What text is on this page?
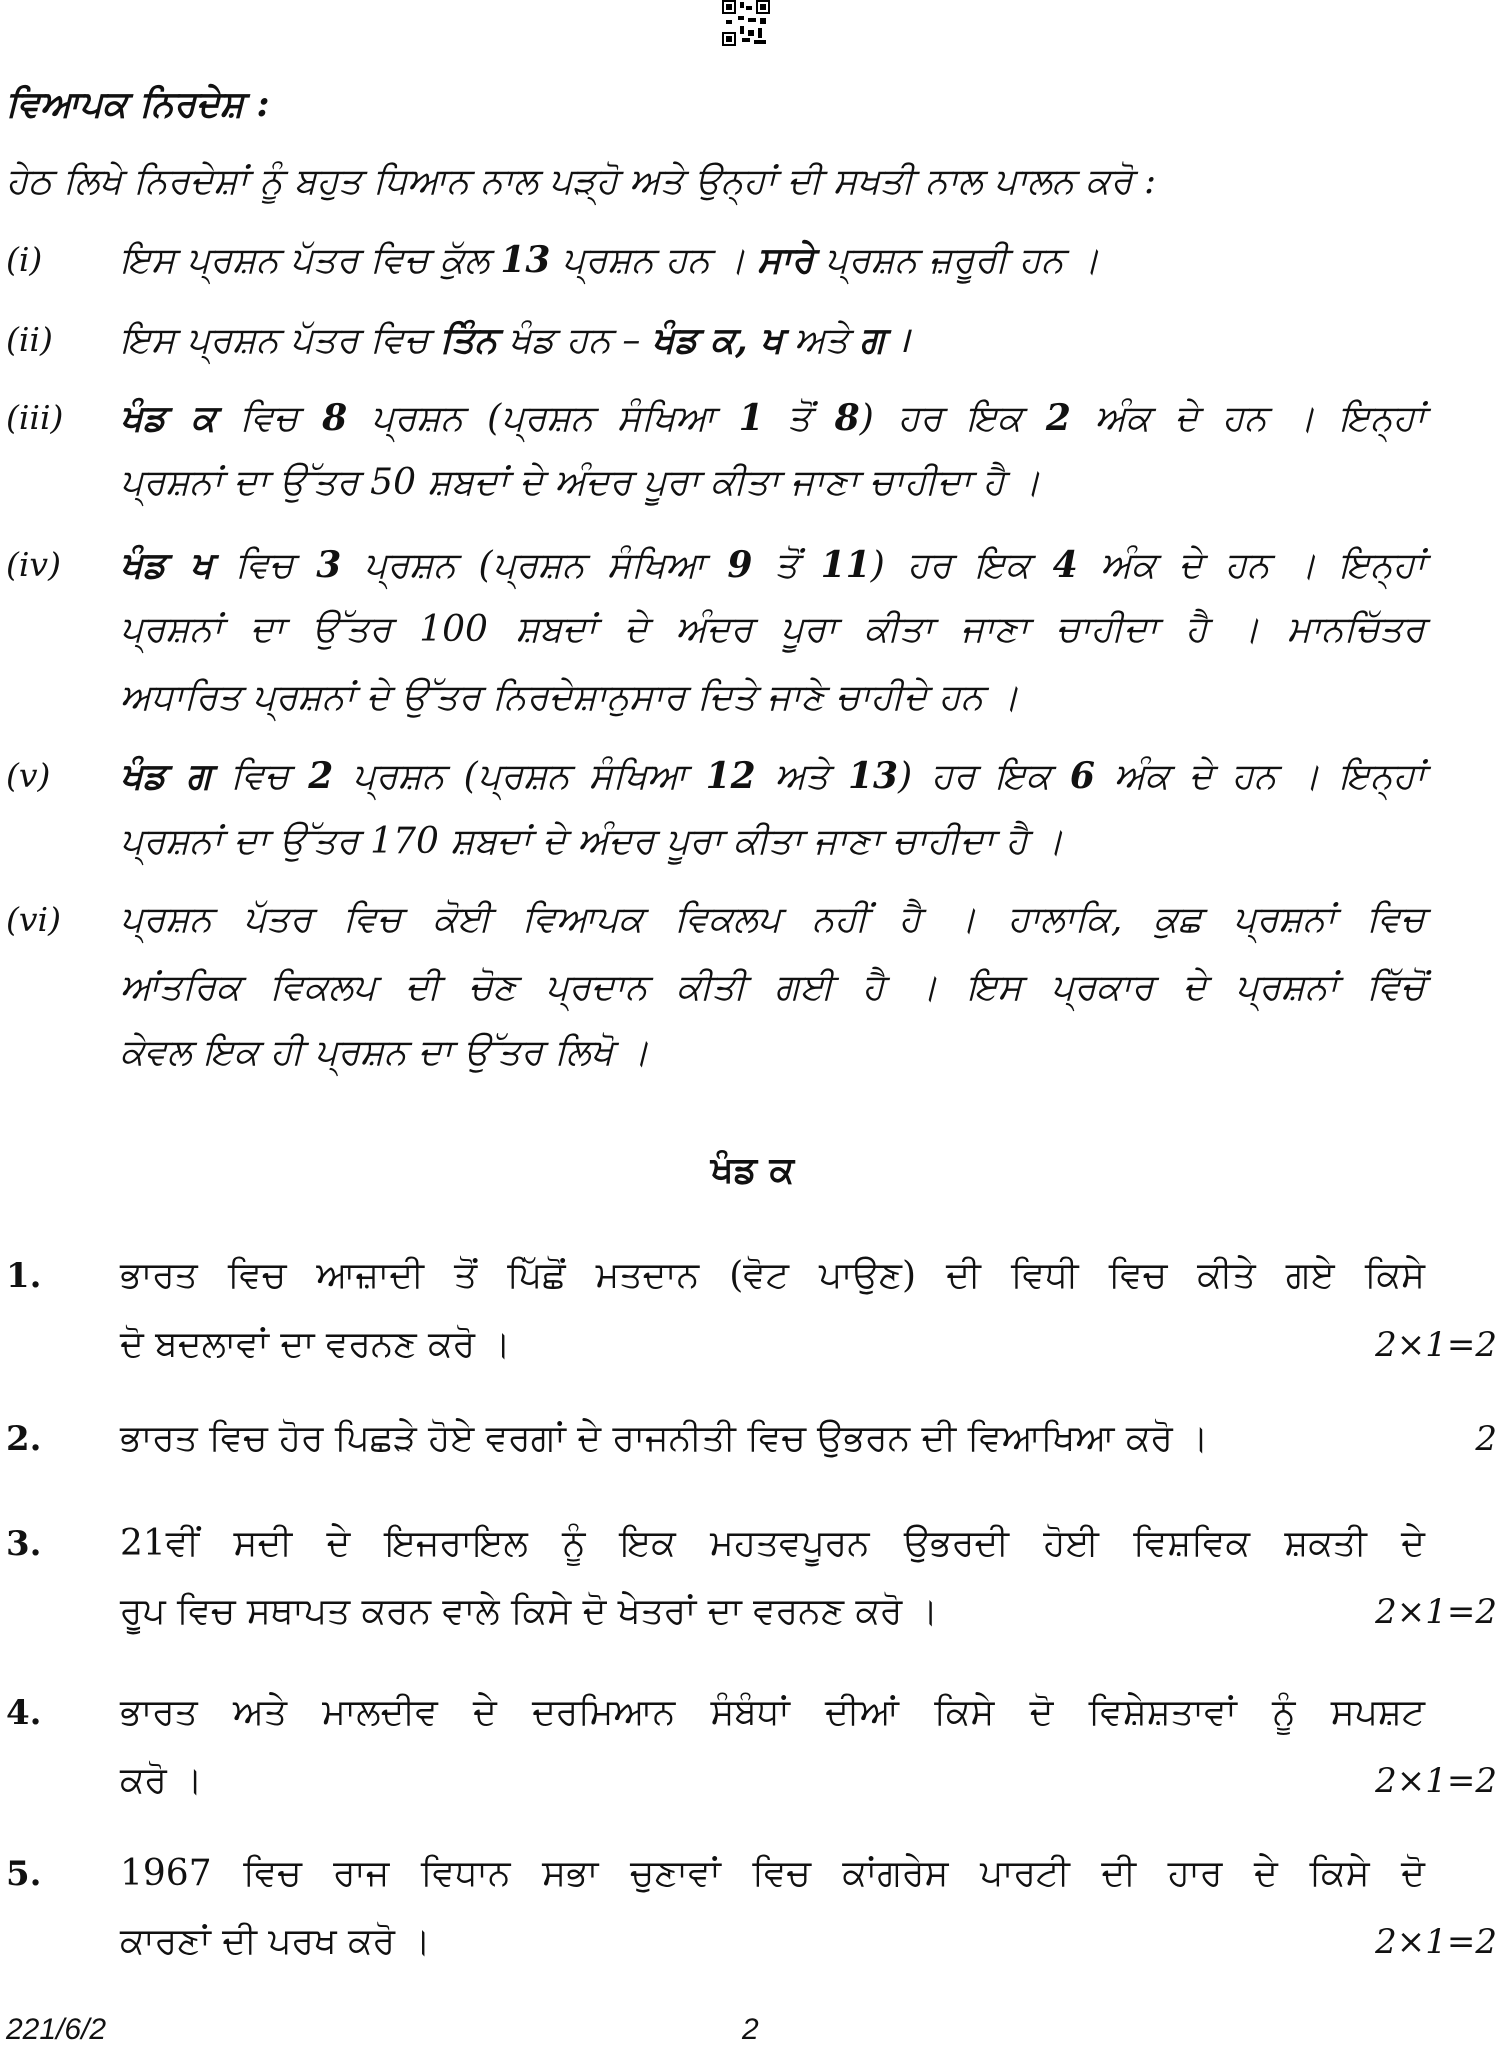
ਵਿਆਪਕ ਨਿਰਦੇਸ਼ :
ਹੇਠ ਲਿਖੇ ਨਿਰਦੇਸ਼ਾਂ ਨੂੰ ਬਹੁਤ ਧਿਆਨ ਨਾਲ ਪੜ੍ਹੋ ਅਤੇ ਉਨ੍ਹਾਂ ਦੀ ਸਖਤੀ ਨਾਲ ਪਾਲਨ ਕਰੋ :
(i) ਇਸ ਪ੍ਰਸ਼ਨ ਪੱਤਰ ਵਿਚ ਕੁੱਲ 13 ਪ੍ਰਸ਼ਨ ਹਨ । ਸਾਰੇ ਪ੍ਰਸ਼ਨ ਜ਼ਰੂਰੀ ਹਨ ।
(ii) ਇਸ ਪ੍ਰਸ਼ਨ ਪੱਤਰ ਵਿਚ ਤਿੰਨ ਖੰਡ ਹਨ – ਖੰਡ ਕ, ਖ ਅਤੇ ਗ ।
(iii) ਖੰਡ ਕ ਵਿਚ 8 ਪ੍ਰਸ਼ਨ (ਪ੍ਰਸ਼ਨ ਸੰਖਿਆ 1 ਤੋਂ 8) ਹਰ ਇਕ 2 ਅੰਕ ਦੇ ਹਨ । ਇਨ੍ਹਾਂ
ਪ੍ਰਸ਼ਨਾਂ ਦਾ ਉੱਤਰ 50 ਸ਼ਬਦਾਂ ਦੇ ਅੰਦਰ ਪੂਰਾ ਕੀਤਾ ਜਾਣਾ ਚਾਹੀਦਾ ਹੈ ।
(iv) ਖੰਡ ਖ ਵਿਚ 3 ਪ੍ਰਸ਼ਨ (ਪ੍ਰਸ਼ਨ ਸੰਖਿਆ 9 ਤੋਂ 11) ਹਰ ਇਕ 4 ਅੰਕ ਦੇ ਹਨ । ਇਨ੍ਹਾਂ
ਪ੍ਰਸ਼ਨਾਂ ਦਾ ਉੱਤਰ 100 ਸ਼ਬਦਾਂ ਦੇ ਅੰਦਰ ਪੂਰਾ ਕੀਤਾ ਜਾਣਾ ਚਾਹੀਦਾ ਹੈ । ਮਾਨਚਿੱਤਰ
ਅਧਾਰਿਤ ਪ੍ਰਸ਼ਨਾਂ ਦੇ ਉੱਤਰ ਨਿਰਦੇਸ਼ਾਨੁਸਾਰ ਦਿਤੇ ਜਾਣੇ ਚਾਹੀਦੇ ਹਨ ।
(v) ਖੰਡ ਗ ਵਿਚ 2 ਪ੍ਰਸ਼ਨ (ਪ੍ਰਸ਼ਨ ਸੰਖਿਆ 12 ਅਤੇ 13) ਹਰ ਇਕ 6 ਅੰਕ ਦੇ ਹਨ । ਇਨ੍ਹਾਂ
ਪ੍ਰਸ਼ਨਾਂ ਦਾ ਉੱਤਰ 170 ਸ਼ਬਦਾਂ ਦੇ ਅੰਦਰ ਪੂਰਾ ਕੀਤਾ ਜਾਣਾ ਚਾਹੀਦਾ ਹੈ ।
(vi) ਪ੍ਰਸ਼ਨ ਪੱਤਰ ਵਿਚ ਕੋਈ ਵਿਆਪਕ ਵਿਕਲਪ ਨਹੀਂ ਹੈ । ਹਾਲਾਕਿ, ਕੁਛ ਪ੍ਰਸ਼ਨਾਂ ਵਿਚ
ਆਂਤਰਿਕ ਵਿਕਲਪ ਦੀ ਚੋਣ ਪ੍ਰਦਾਨ ਕੀਤੀ ਗਈ ਹੈ । ਇਸ ਪ੍ਰਕਾਰ ਦੇ ਪ੍ਰਸ਼ਨਾਂ ਵਿੱਚੋਂ
ਕੇਵਲ ਇਕ ਹੀ ਪ੍ਰਸ਼ਨ ਦਾ ਉੱਤਰ ਲਿਖੋ ।
ਖੰਡ ਕ
1. ਭਾਰਤ ਵਿਚ ਆਜ਼ਾਦੀ ਤੋਂ ਪਿੱਛੋਂ ਮਤਦਾਨ (ਵੋਟ ਪਾਉਣ) ਦੀ ਵਿਧੀ ਵਿਚ ਕੀਤੇ ਗਏ ਕਿਸੇ
ਦੋ ਬਦਲਾਵਾਂ ਦਾ ਵਰਨਣ ਕਰੋ ।	2×1=2
2. ਭਾਰਤ ਵਿਚ ਹੋਰ ਪਿਛੜੇ ਹੋਏ ਵਰਗਾਂ ਦੇ ਰਾਜਨੀਤੀ ਵਿਚ ਉਭਰਨ ਦੀ ਵਿਆਖਿਆ ਕਰੋ ।	2
3. 21ਵੀਂ ਸਦੀ ਦੇ ਇਜਰਾਇਲ ਨੂੰ ਇਕ ਮਹਤਵਪੂਰਨ ਉਭਰਦੀ ਹੋਈ ਵਿਸ਼ਵਿਕ ਸ਼ਕਤੀ ਦੇ
ਰੂਪ ਵਿਚ ਸਥਾਪਤ ਕਰਨ ਵਾਲੇ ਕਿਸੇ ਦੋ ਖੇਤਰਾਂ ਦਾ ਵਰਨਣ ਕਰੋ ।	2×1=2
4. ਭਾਰਤ ਅਤੇ ਮਾਲਦੀਵ ਦੇ ਦਰਮਿਆਨ ਸੰਬੰਧਾਂ ਦੀਆਂ ਕਿਸੇ ਦੋ ਵਿਸ਼ੇਸ਼ਤਾਵਾਂ ਨੂੰ ਸਪਸ਼ਟ
ਕਰੋ ।	2×1=2
5. 1967 ਵਿਚ ਰਾਜ ਵਿਧਾਨ ਸਭਾ ਚੁਣਾਵਾਂ ਵਿਚ ਕਾਂਗਰੇਸ ਪਾਰਟੀ ਦੀ ਹਾਰ ਦੇ ਕਿਸੇ ਦੋ
ਕਾਰਣਾਂ ਦੀ ਪਰਖ ਕਰੋ ।	2×1=2
221/6/2	2
